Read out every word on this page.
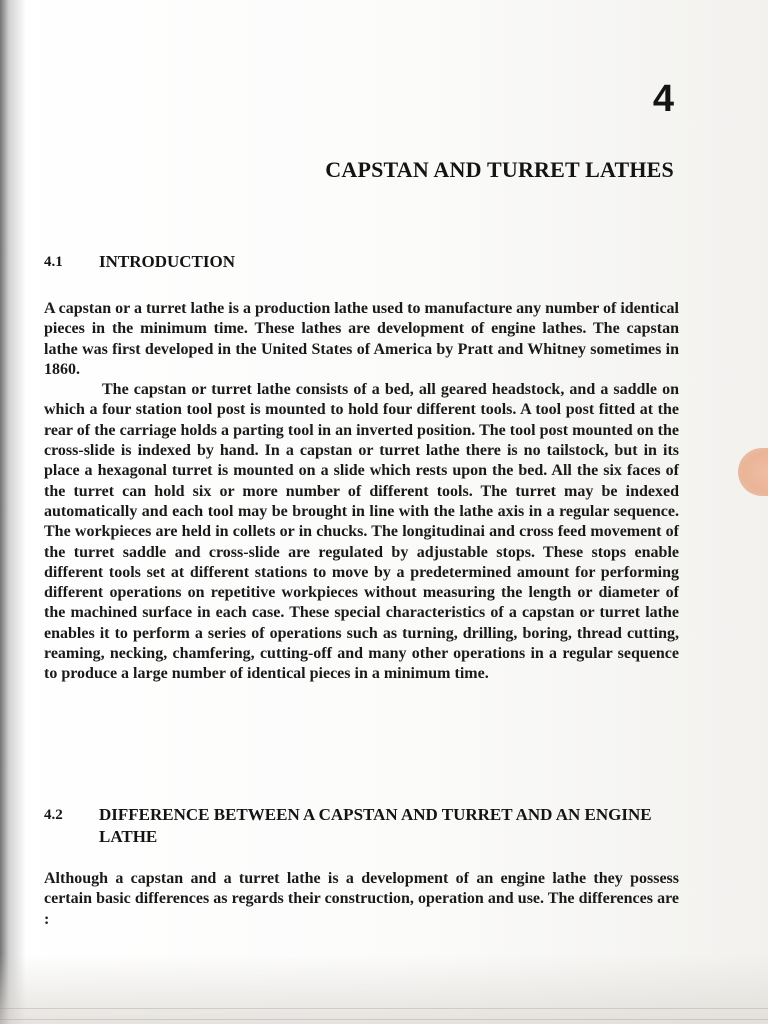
4
CAPSTAN AND TURRET LATHES
4.1 INTRODUCTION

A capstan or a turret lathe is a production lathe used to manufacture any number of identical pieces in the minimum time. These lathes are development of engine lathes. The capstan lathe was first developed in the United States of America by Pratt and Whitney sometimes in 1860.

The capstan or turret lathe consists of a bed, all geared headstock, and a saddle on which a four station tool post is mounted to hold four different tools. A tool post fitted at the rear of the carriage holds a parting tool in an inverted position. The tool post mounted on the cross-slide is indexed by hand. In a capstan or turret lathe there is no tailstock, but in its place a hexagonal turret is mounted on a slide which rests upon the bed. All the six faces of the turret can hold six or more number of different tools. The turret may be indexed automatically and each tool may be brought in line with the lathe axis in a regular sequence. The workpieces are held in collets or in chucks. The longitudinai and cross feed movement of the turret saddle and cross-slide are regulated by adjustable stops. These stops enable different tools set at different stations to move by a predetermined amount for performing different operations on repetitive workpieces without measuring the length or diameter of the machined surface in each case. These special characteristics of a capstan or turret lathe enables it to perform a series of operations such as turning, drilling, boring, thread cutting, reaming, necking, chamfering, cutting-off and many other operations in a regular sequence to produce a large number of identical pieces in a minimum time.

4.2 DIFFERENCE BETWEEN A CAPSTAN AND TURRET AND AN ENGINE LATHE

Although a capstan and a turret lathe is a development of an engine lathe they possess certain basic differences as regards their construction, operation and use. The differences are :
